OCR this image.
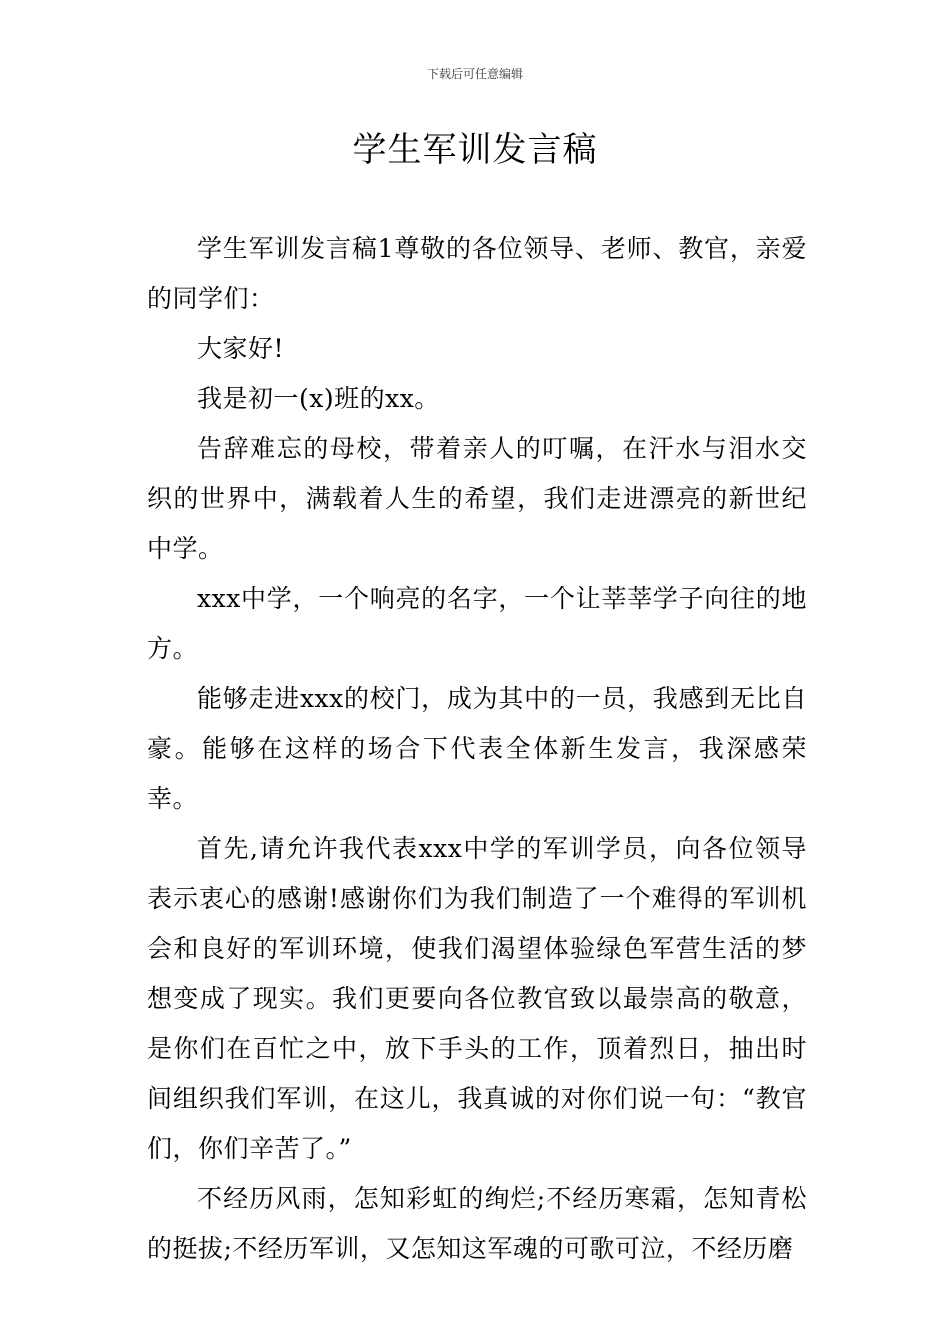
下载后可任意编辑
学生军训发言稿

学生军训发言稿1尊敬的各位领导、老师、教官，亲爱的同学们：

大家好!

我是初一(x)班的xx。

告辞难忘的母校，带着亲人的叮嘱，在汗水与泪水交织的世界中，满载着人生的希望，我们走进漂亮的新世纪中学。

xxx中学，一个响亮的名字，一个让莘莘学子向往的地方。

能够走进xxx的校门，成为其中的一员，我感到无比自豪。能够在这样的场合下代表全体新生发言，我深感荣幸。

首先,请允许我代表xxx中学的军训学员，向各位领导表示衷心的感谢!感谢你们为我们制造了一个难得的军训机会和良好的军训环境，使我们渴望体验绿色军营生活的梦想变成了现实。我们更要向各位教官致以最崇高的敬意，是你们在百忙之中，放下手头的工作，顶着烈日，抽出时间组织我们军训，在这儿，我真诚的对你们说一句：“教官们，你们辛苦了。”

不经历风雨，怎知彩虹的绚烂;不经历寒霜，怎知青松的挺拔;不经历军训，又怎知这军魂的可歌可泣，不经历磨
